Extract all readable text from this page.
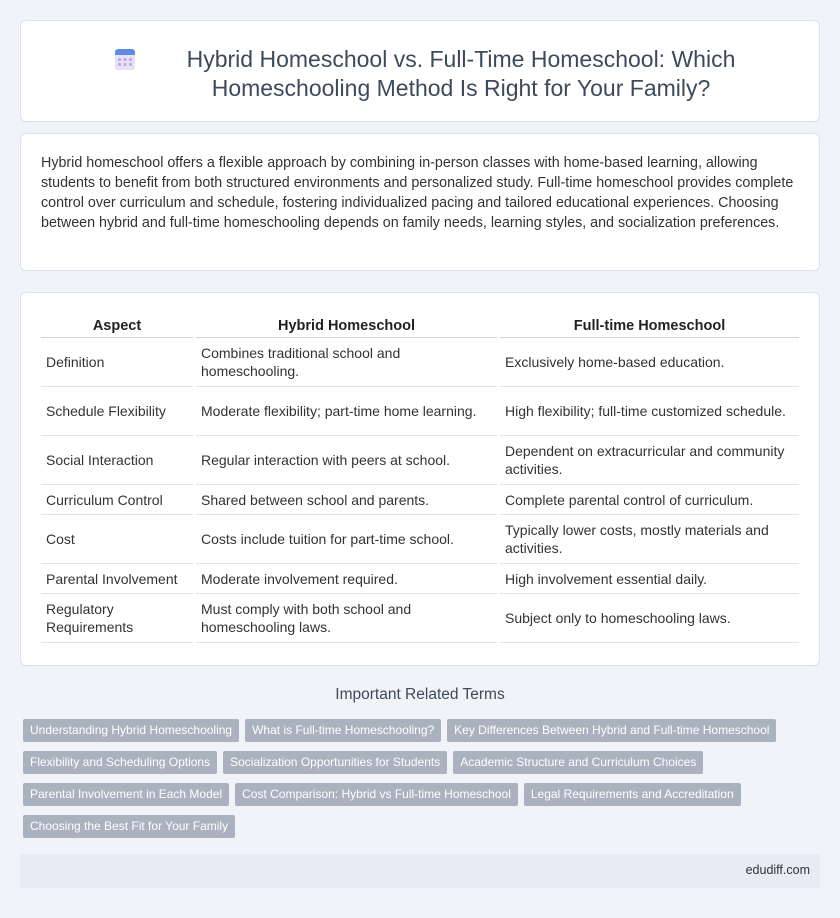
Hybrid Homeschool vs. Full-Time Homeschool: Which Homeschooling Method Is Right for Your Family?

Hybrid homeschool offers a flexible approach by combining in-person classes with home-based learning, allowing students to benefit from both structured environments and personalized study. Full-time homeschool provides complete control over curriculum and schedule, fostering individualized pacing and tailored educational experiences. Choosing between hybrid and full-time homeschooling depends on family needs, learning styles, and socialization preferences.

Aspect	Hybrid Homeschool	Full-time Homeschool
Definition	Combines traditional school and homeschooling.	Exclusively home-based education.
Schedule Flexibility	Moderate flexibility; part-time home learning.	High flexibility; full-time customized schedule.
Social Interaction	Regular interaction with peers at school.	Dependent on extracurricular and community activities.
Curriculum Control	Shared between school and parents.	Complete parental control of curriculum.
Cost	Costs include tuition for part-time school.	Typically lower costs, mostly materials and activities.
Parental Involvement	Moderate involvement required.	High involvement essential daily.
Regulatory Requirements	Must comply with both school and homeschooling laws.	Subject only to homeschooling laws.
Important Related Terms
Understanding Hybrid Homeschooling	What is Full-time Homeschooling?	Key Differences Between Hybrid and Full-time Homeschool
Flexibility and Scheduling Options	Socialization Opportunities for Students	Academic Structure and Curriculum Choices
Parental Involvement in Each Model	Cost Comparison: Hybrid vs Full-time Homeschool	Legal Requirements and Accreditation
Choosing the Best Fit for Your Family
edudiff.com
